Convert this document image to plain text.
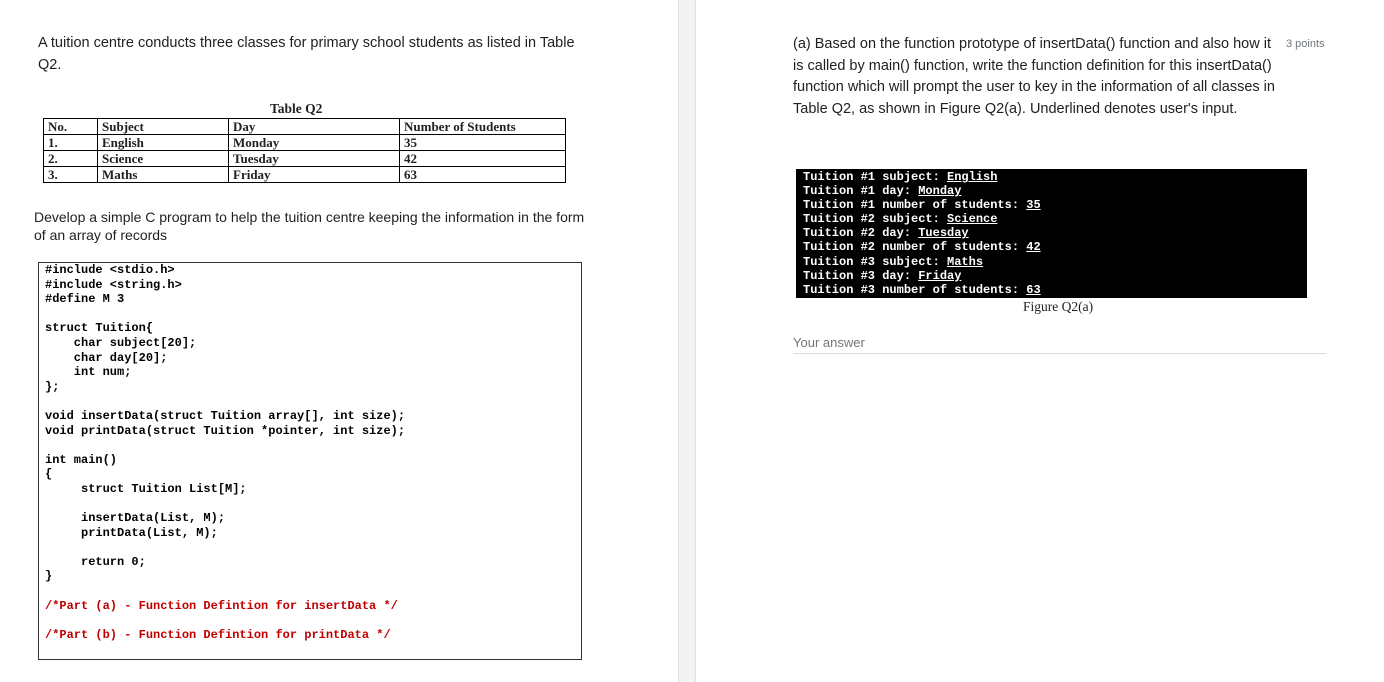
A tuition centre conducts three classes for primary school students as listed in Table Q2.
Table Q2
No.	Subject	Day	Number of Students
1.	English	Monday	35
2.	Science	Tuesday	42
3.	Maths	Friday	63
Develop a simple C program to help the tuition centre keeping the information in the form of an array of records
#include <stdio.h>
#include <string.h>
#define M 3

struct Tuition{
char subject[20];
char day[20];
int num;
};

void insertData(struct Tuition array[], int size);
void printData(struct Tuition *pointer, int size);

int main()
{
struct Tuition List[M];

insertData(List, M);
printData(List, M);

return 0;
}

/*Part (a) - Function Defintion for insertData */

/*Part (b) - Function Defintion for printData */
(a) Based on the function prototype of insertData() function and also how it is called by main() function, write the function definition for this insertData() function which will prompt the user to key in the information of all classes in Table Q2, as shown in Figure Q2(a). Underlined denotes user's input.
3 points
Tuition #1 subject: English
Tuition #1 day: Monday
Tuition #1 number of students: 35
Tuition #2 subject: Science
Tuition #2 day: Tuesday
Tuition #2 number of students: 42
Tuition #3 subject: Maths
Tuition #3 day: Friday
Tuition #3 number of students: 63
Figure Q2(a)
Your answer
